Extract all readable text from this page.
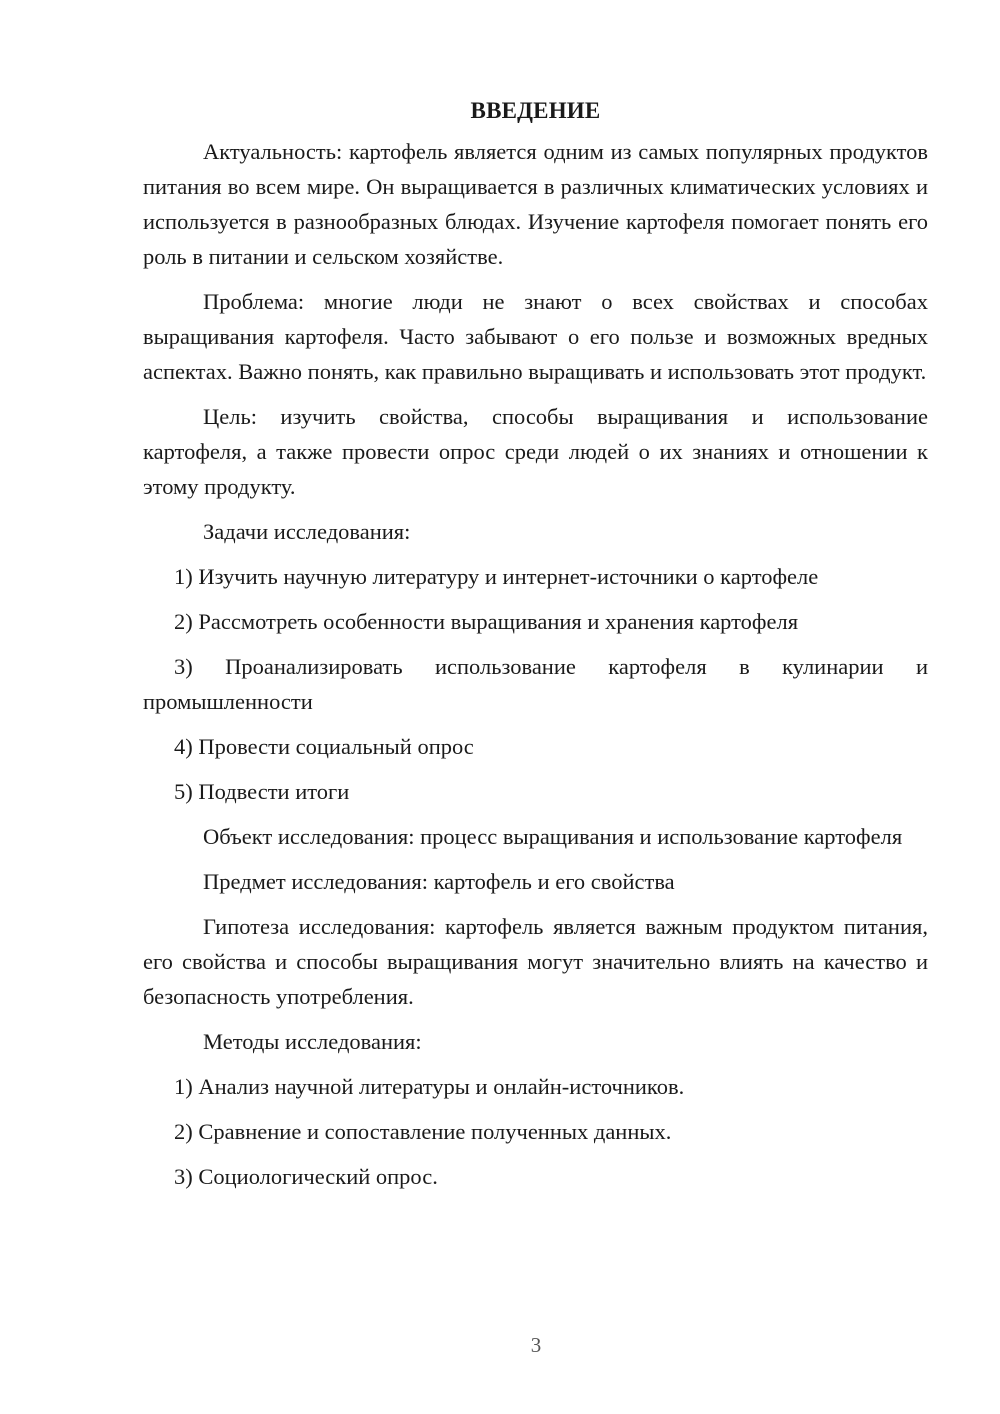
ВВЕДЕНИЕ

Актуальность: картофель является одним из самых популярных продуктов питания во всем мире. Он выращивается в различных климатических условиях и используется в разнообразных блюдах. Изучение картофеля помогает понять его роль в питании и сельском хозяйстве.

Проблема: многие люди не знают о всех свойствах и способах выращивания картофеля. Часто забывают о его пользе и возможных вредных аспектах. Важно понять, как правильно выращивать и использовать этот продукт.

Цель: изучить свойства, способы выращивания и использование картофеля, а также провести опрос среди людей о их знаниях и отношении к этому продукту.

Задачи исследования:

1) Изучить научную литературу и интернет-источники о картофеле

2) Рассмотреть особенности выращивания и хранения картофеля

3) Проанализировать использование картофеля в кулинарии и промышленности

4) Провести социальный опрос

5) Подвести итоги

Объект исследования: процесс выращивания и использование картофеля

Предмет исследования: картофель и его свойства

Гипотеза исследования: картофель является важным продуктом питания, его свойства и способы выращивания могут значительно влиять на качество и безопасность употребления.

Методы исследования:

1) Анализ научной литературы и онлайн-источников.

2) Сравнение и сопоставление полученных данных.

3) Социологический опрос.

3
